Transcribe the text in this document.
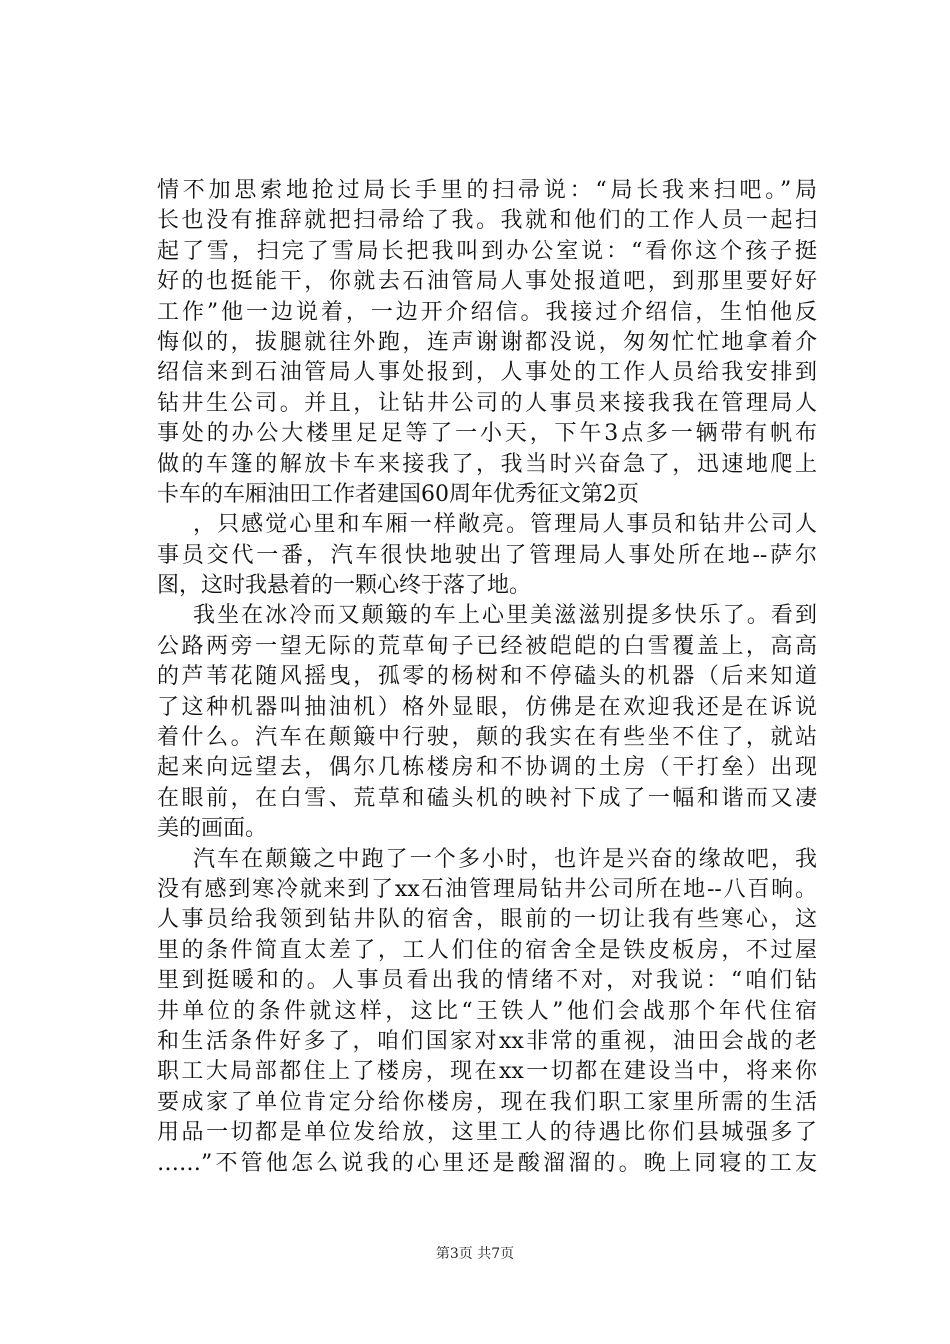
情不加思索地抢过局长手里的扫帚说：“局长我来扫吧。”局
长也没有推辞就把扫帚给了我。我就和他们的工作人员一起扫
起了雪，扫完了雪局长把我叫到办公室说：“看你这个孩子挺
好的也挺能干，你就去石油管局人事处报道吧，到那里要好好
工作”他一边说着，一边开介绍信。我接过介绍信，生怕他反
悔似的，拔腿就往外跑，连声谢谢都没说，匆匆忙忙地拿着介
绍信来到石油管局人事处报到，人事处的工作人员给我安排到
钻井生公司。并且，让钻井公司的人事员来接我我在管理局人
事处的办公大楼里足足等了一小天，下午3点多一辆带有帆布
做的车篷的解放卡车来接我了，我当时兴奋急了，迅速地爬上
卡车的车厢油田工作者建国60周年优秀征文第2页
，只感觉心里和车厢一样敞亮。管理局人事员和钻井公司人
事员交代一番，汽车很快地驶出了管理局人事处所在地--萨尔
图，这时我悬着的一颗心终于落了地。
我坐在冰冷而又颠簸的车上心里美滋滋别提多快乐了。看到
公路两旁一望无际的荒草甸子已经被皑皑的白雪覆盖上，高高
的芦苇花随风摇曳，孤零的杨树和不停磕头的机器（后来知道
了这种机器叫抽油机）格外显眼，仿佛是在欢迎我还是在诉说
着什么。汽车在颠簸中行驶，颠的我实在有些坐不住了，就站
起来向远望去，偶尔几栋楼房和不协调的土房（干打垒）出现
在眼前，在白雪、荒草和磕头机的映衬下成了一幅和谐而又凄
美的画面。
汽车在颠簸之中跑了一个多小时，也许是兴奋的缘故吧，我
没有感到寒冷就来到了xx石油管理局钻井公司所在地--八百晌。
人事员给我领到钻井队的宿舍，眼前的一切让我有些寒心，这
里的条件简直太差了，工人们住的宿舍全是铁皮板房，不过屋
里到挺暖和的。人事员看出我的情绪不对，对我说：“咱们钻
井单位的条件就这样，这比“王铁人”他们会战那个年代住宿
和生活条件好多了，咱们国家对xx非常的重视，油田会战的老
职工大局部都住上了楼房，现在xx一切都在建设当中，将来你
要成家了单位肯定分给你楼房，现在我们职工家里所需的生活
用品一切都是单位发给放，这里工人的待遇比你们县城强多了
……”不管他怎么说我的心里还是酸溜溜的。晚上同寝的工友
第3页 共7页
